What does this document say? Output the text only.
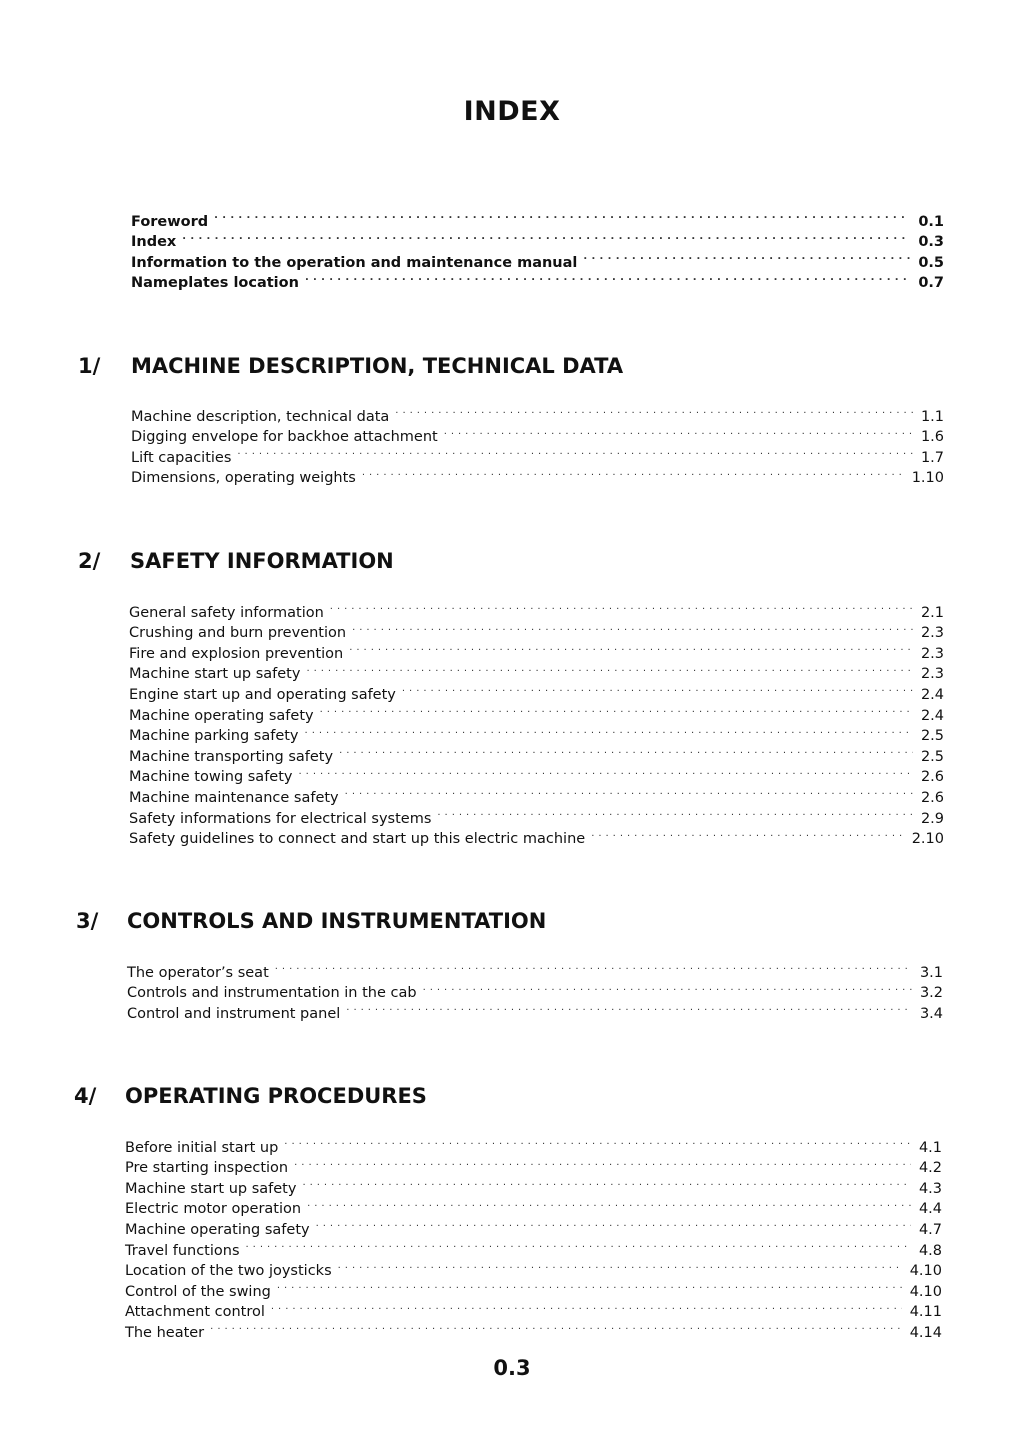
INDEX
Foreword . . .	0.1
Index . . .	0.3
Information to the operation and maintenance manual . . .	0.5
Nameplates location . . .	0.7
1/ MACHINE DESCRIPTION, TECHNICAL DATA
Machine description, technical data . . .	1.1
Digging envelope for backhoe attachment . . .	1.6
Lift capacities . . .	1.7
Dimensions, operating weights . . .	1.10
2/ SAFETY INFORMATION
General safety information . . .	2.1
Crushing and burn prevention . . .	2.3
Fire and explosion prevention . . .	2.3
Machine start up safety . . .	2.3
Engine start up and operating safety . . .	2.4
Machine operating safety . . .	2.4
Machine parking safety . . .	2.5
Machine transporting safety . . .	2.5
Machine towing safety . . .	2.6
Machine maintenance safety . . .	2.6
Safety informations for electrical systems . . .	2.9
Safety guidelines to connect and start up this electric machine . . .	2.10
3/ CONTROLS AND INSTRUMENTATION
The operator’s seat . . .	3.1
Controls and instrumentation in the cab . . .	3.2
Control and instrument panel . . .	3.4
4/ OPERATING PROCEDURES
Before initial start up . . .	4.1
Pre starting inspection . . .	4.2
Machine start up safety . . .	4.3
Electric motor operation . . .	4.4
Machine operating safety . . .	4.7
Travel functions . . .	4.8
Location of the two joysticks . . .	4.10
Control of the swing . . .	4.10
Attachment control . . .	4.11
The heater . . .	4.14
0.3
